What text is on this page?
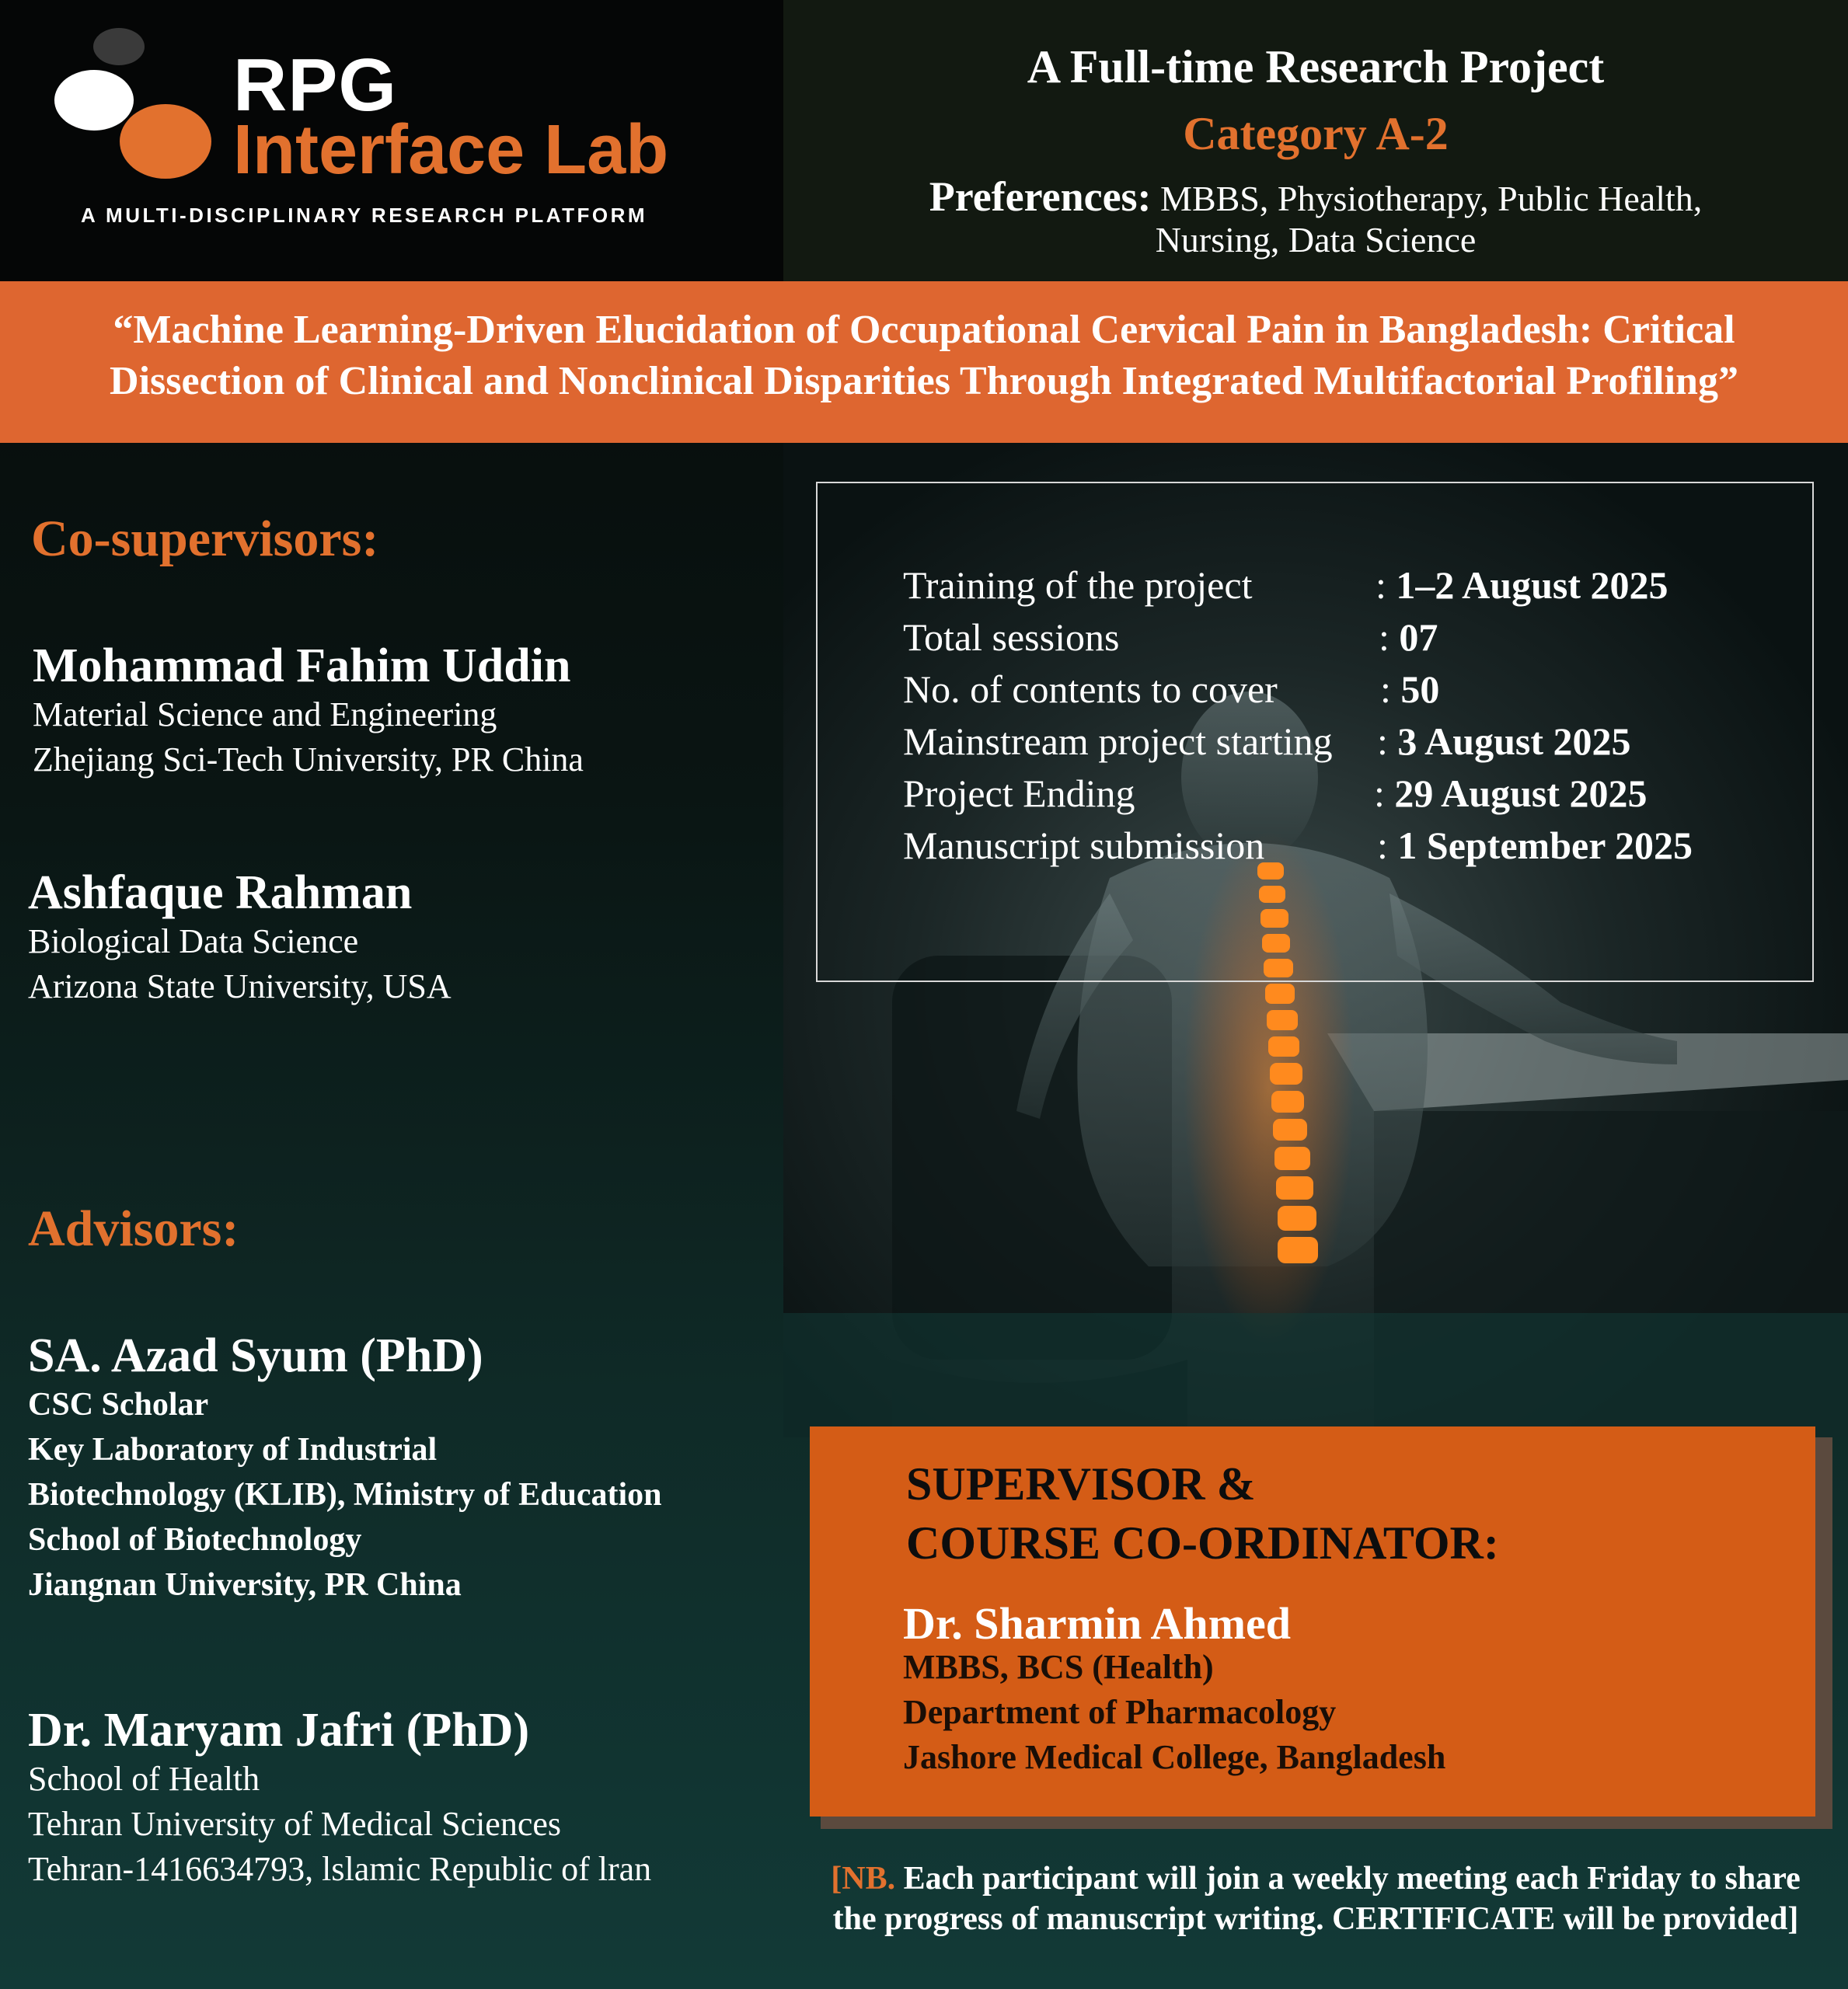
RPG
Interface Lab
A MULTI-DISCIPLINARY RESEARCH PLATFORM
A Full-time Research Project
Category A-2
Preferences: MBBS, Physiotherapy, Public Health,
Nursing, Data Science
“Machine Learning-Driven Elucidation of Occupational Cervical Pain in Bangladesh: Critical
Dissection of Clinical and Nonclinical Disparities Through Integrated Multifactorial Profiling”
Training of the project	: 1–2 August 2025
Total sessions	: 07
No. of contents to cover	: 50
Mainstream project starting : 3 August 2025
Project Ending	: 29 August 2025
Manuscript submission	: 1 September 2025
Co-supervisors:
Mohammad Fahim Uddin
Material Science and Engineering
Zhejiang Sci-Tech University, PR China
Ashfaque Rahman
Biological Data Science
Arizona State University, USA
Advisors:
SA. Azad Syum (PhD)
CSC Scholar
Key Laboratory of Industrial
Biotechnology (KLIB), Ministry of Education
School of Biotechnology
Jiangnan University, PR China
Dr. Maryam Jafri (PhD)
School of Health
Tehran University of Medical Sciences
Tehran-1416634793, lslamic Republic of lran
SUPERVISOR &
COURSE CO-ORDINATOR:
Dr. Sharmin Ahmed
MBBS, BCS (Health)
Department of Pharmacology
Jashore Medical College, Bangladesh
[NB. Each participant will join a weekly meeting each Friday to share
the progress of manuscript writing. CERTIFICATE will be provided]
